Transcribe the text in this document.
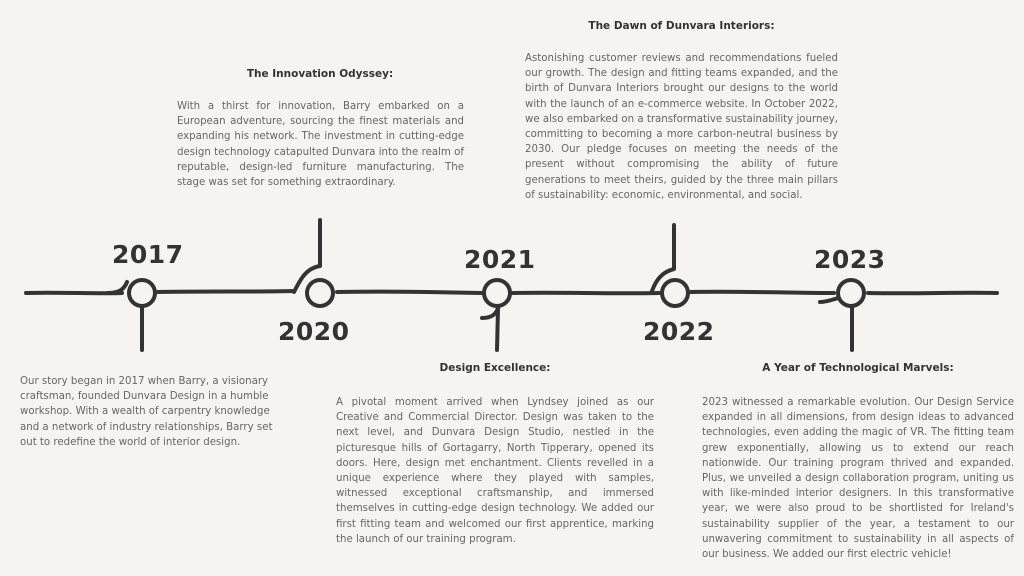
2017
2020
2021
2022
2023

Our story began in 2017 when Barry, a visionary craftsman, founded Dunvara Design in a humble workshop. With a wealth of carpentry knowledge and a network of industry relationships, Barry set out to redefine the world of interior design.

The Innovation Odyssey:

With a thirst for innovation, Barry embarked on a European adventure, sourcing the finest materials and expanding his network. The investment in cutting-edge design technology catapulted Dunvara into the realm of reputable, design-led furniture manufacturing. The stage was set for something extraordinary.

Design Excellence:

A pivotal moment arrived when Lyndsey joined as our Creative and Commercial Director. Design was taken to the next level, and Dunvara Design Studio, nestled in the picturesque hills of Gortagarry, North Tipperary, opened its doors. Here, design met enchantment. Clients revelled in a unique experience where they played with samples, witnessed exceptional craftsmanship, and immersed themselves in cutting-edge design technology. We added our first fitting team and welcomed our first apprentice, marking the launch of our training program.

The Dawn of Dunvara Interiors:

Astonishing customer reviews and recommendations fueled our growth. The design and fitting teams expanded, and the birth of Dunvara Interiors brought our designs to the world with the launch of an e-commerce website. In October 2022, we also embarked on a transformative sustainability journey, committing to becoming a more carbon-neutral business by 2030. Our pledge focuses on meeting the needs of the present without compromising the ability of future generations to meet theirs, guided by the three main pillars of sustainability: economic, environmental, and social.

A Year of Technological Marvels:

2023 witnessed a remarkable evolution. Our Design Service expanded in all dimensions, from design ideas to advanced technologies, even adding the magic of VR. The fitting team grew exponentially, allowing us to extend our reach nationwide. Our training program thrived and expanded. Plus, we unveiled a design collaboration program, uniting us with like-minded interior designers. In this transformative year, we were also proud to be shortlisted for Ireland's sustainability supplier of the year, a testament to our unwavering commitment to sustainability in all aspects of our business. We added our first electric vehicle!
